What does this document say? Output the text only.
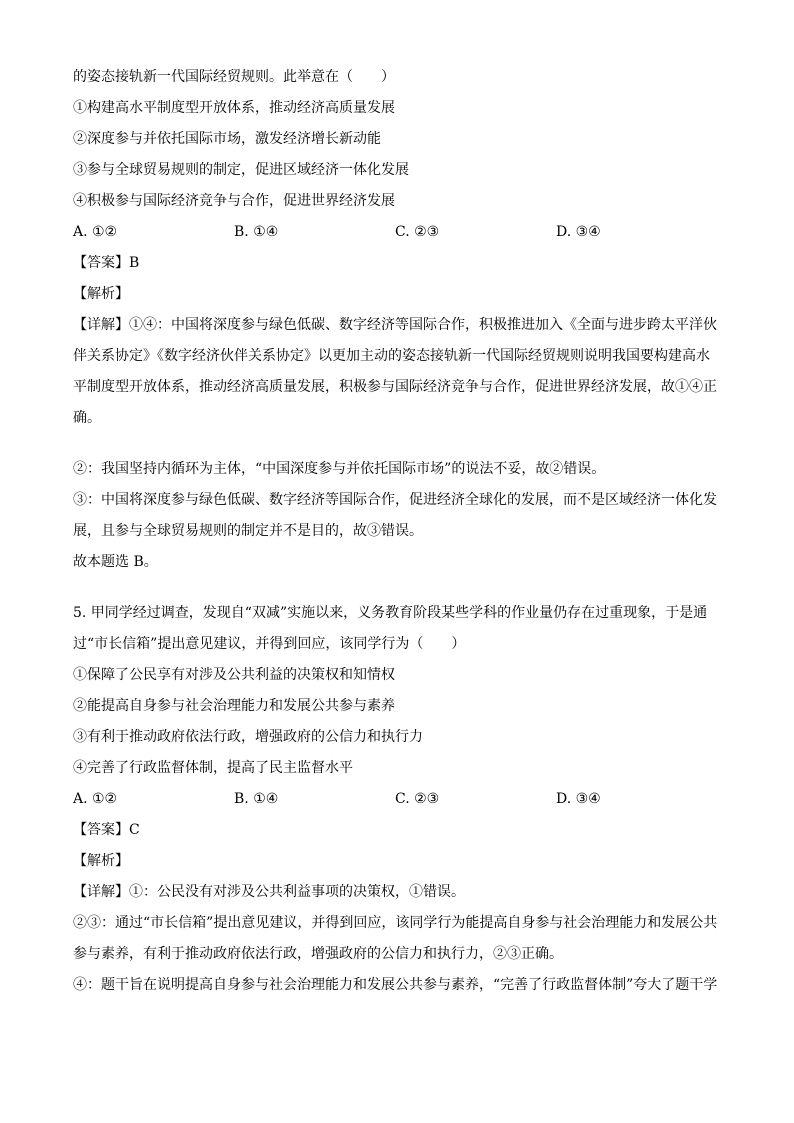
的姿态接轨新一代国际经贸规则。此举意在（　　）

①构建高水平制度型开放体系，推动经济高质量发展

②深度参与并依托国际市场，激发经济增长新动能

③参与全球贸易规则的制定，促进区域经济一体化发展

④积极参与国际经济竞争与合作，促进世界经济发展

A. ①②	B. ①④	C. ②③	D. ③④

【答案】B

【解析】

【详解】①④：中国将深度参与绿色低碳、数字经济等国际合作，积极推进加入《全面与进步跨太平洋伙

伴关系协定》《数字经济伙伴关系协定》以更加主动的姿态接轨新一代国际经贸规则说明我国要构建高水

平制度型开放体系，推动经济高质量发展，积极参与国际经济竞争与合作，促进世界经济发展，故①④正

确。

②：我国坚持内循环为主体，“中国深度参与并依托国际市场”的说法不妥，故②错误。

③：中国将深度参与绿色低碳、数字经济等国际合作，促进经济全球化的发展，而不是区域经济一体化发

展，且参与全球贸易规则的制定并不是目的，故③错误。

故本题选 B。

5. 甲同学经过调查，发现自“双减”实施以来，义务教育阶段某些学科的作业量仍存在过重现象，于是通

过“市长信箱”提出意见建议，并得到回应，该同学行为（　　）

①保障了公民享有对涉及公共利益的决策权和知情权

②能提高自身参与社会治理能力和发展公共参与素养

③有利于推动政府依法行政，增强政府的公信力和执行力

④完善了行政监督体制，提高了民主监督水平

A. ①②	B. ①④	C. ②③	D. ③④

【答案】C

【解析】

【详解】①：公民没有对涉及公共利益事项的决策权，①错误。

②③：通过“市长信箱”提出意见建议，并得到回应，该同学行为能提高自身参与社会治理能力和发展公共

参与素养，有利于推动政府依法行政，增强政府的公信力和执行力，②③正确。

④：题干旨在说明提高自身参与社会治理能力和发展公共参与素养，“完善了行政监督体制”夸大了题干学
